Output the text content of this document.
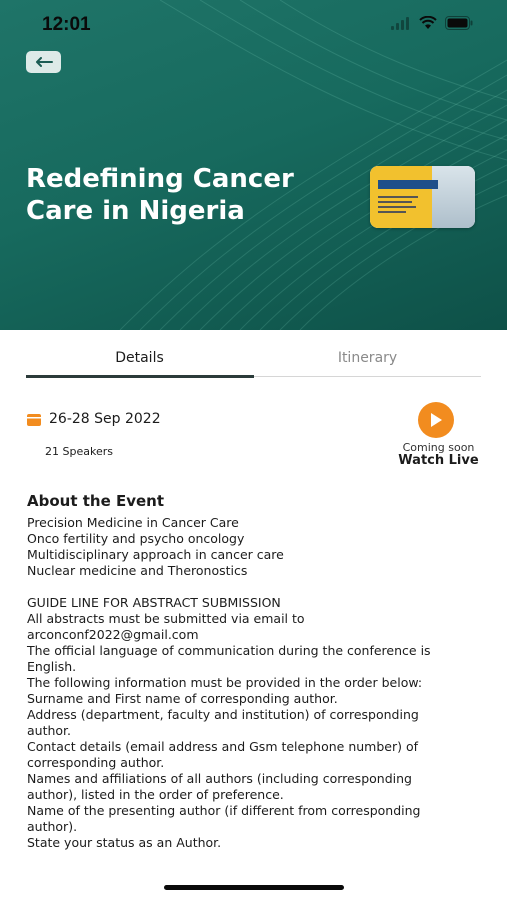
12:01
Redefining Cancer Care in Nigeria
Details	Itinerary
26-28 Sep 2022
21 Speakers	Coming soon
Watch Live
About the Event
Precision Medicine in Cancer Care
Onco fertility and psycho oncology
Multidisciplinary approach in cancer care
Nuclear medicine and Theronostics
GUIDE LINE FOR ABSTRACT SUBMISSION
All abstracts must be submitted via email to
arconconf2022@gmail.com
The official language of communication during the conference is
English.
The following information must be provided in the order below:
Surname and First name of corresponding author.
Address (department, faculty and institution) of corresponding
author.
Contact details (email address and Gsm telephone number) of
corresponding author.
Names and affiliations of all authors (including corresponding
author), listed in the order of preference.
Name of the presenting author (if different from corresponding
author).
State your status as an Author.
